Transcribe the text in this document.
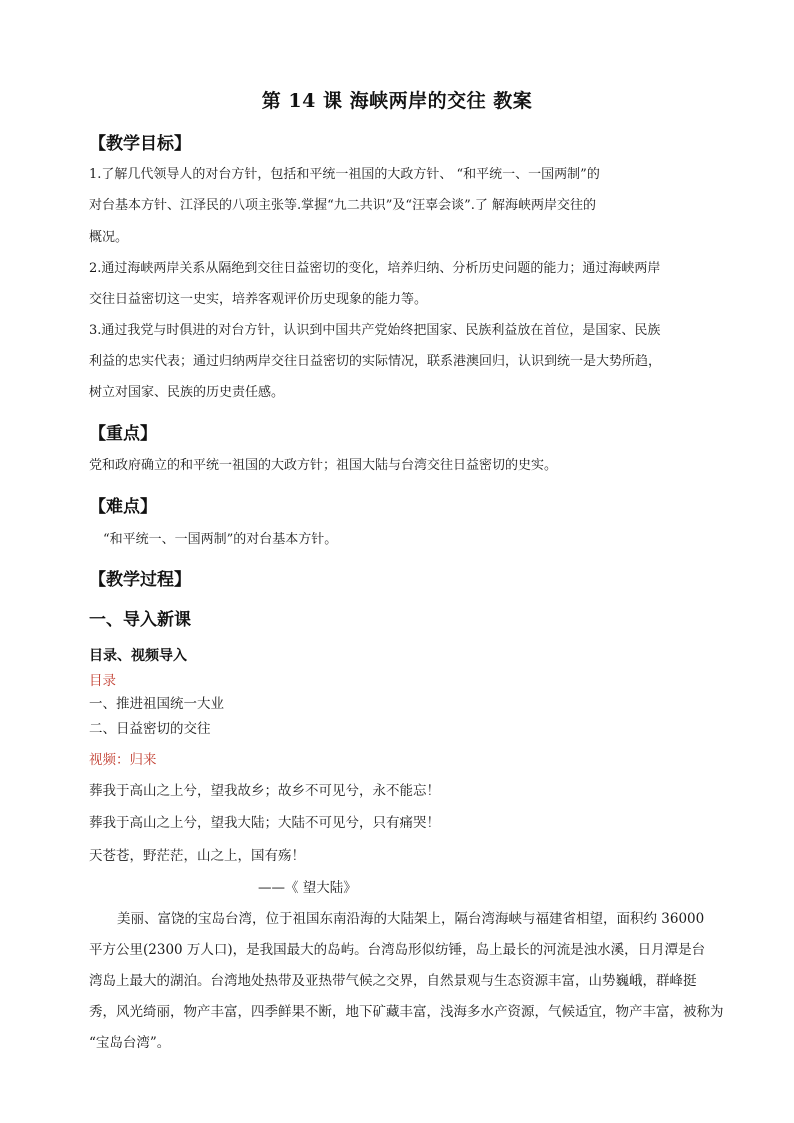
第 14 课 海峡两岸的交往 教案
【教学目标】
1.了解几代领导人的对台方针，包括和平统一祖国的大政方针、 “和平统一、一国两制”的
对台基本方针、江泽民的八项主张等.掌握“九二共识”及“汪辜会谈”.了 解海峡两岸交往的
概况。
2.通过海峡两岸关系从隔绝到交往日益密切的变化，培养归纳、分析历史问题的能力；通过海峡两岸
交往日益密切这一史实，培养客观评价历史现象的能力等。
3.通过我党与时俱进的对台方针，认识到中国共产党始终把国家、民族利益放在首位，是国家、民族
利益的忠实代表；通过归纳两岸交往日益密切的实际情况，联系港澳回归，认识到统一是大势所趋，
树立对国家、民族的历史责任感。
【重点】
党和政府确立的和平统一祖国的大政方针；祖国大陆与台湾交往日益密切的史实。
【难点】
“和平统一、一国两制”的对台基本方针。
【教学过程】
一、导入新课
目录、视频导入
目录
一、推进祖国统一大业
二、日益密切的交往
视频：归来
葬我于高山之上兮，望我故乡；故乡不可见兮，永不能忘！
葬我于高山之上兮，望我大陆；大陆不可见兮，只有痛哭！
天苍苍，野茫茫，山之上，国有殇！
——《 望大陆》
美丽、富饶的宝岛台湾，位于祖国东南沿海的大陆架上，隔台湾海峡与福建省相望，面积约 36000
平方公里(2300 万人口)，是我国最大的岛屿。台湾岛形似纺锤，岛上最长的河流是浊水溪，日月潭是台
湾岛上最大的湖泊。台湾地处热带及亚热带气候之交界，自然景观与生态资源丰富，山势巍峨，群峰挺
秀，风光绮丽，物产丰富，四季鲜果不断，地下矿藏丰富，浅海多水产资源，气候适宜，物产丰富，被称为
“宝岛台湾”。
